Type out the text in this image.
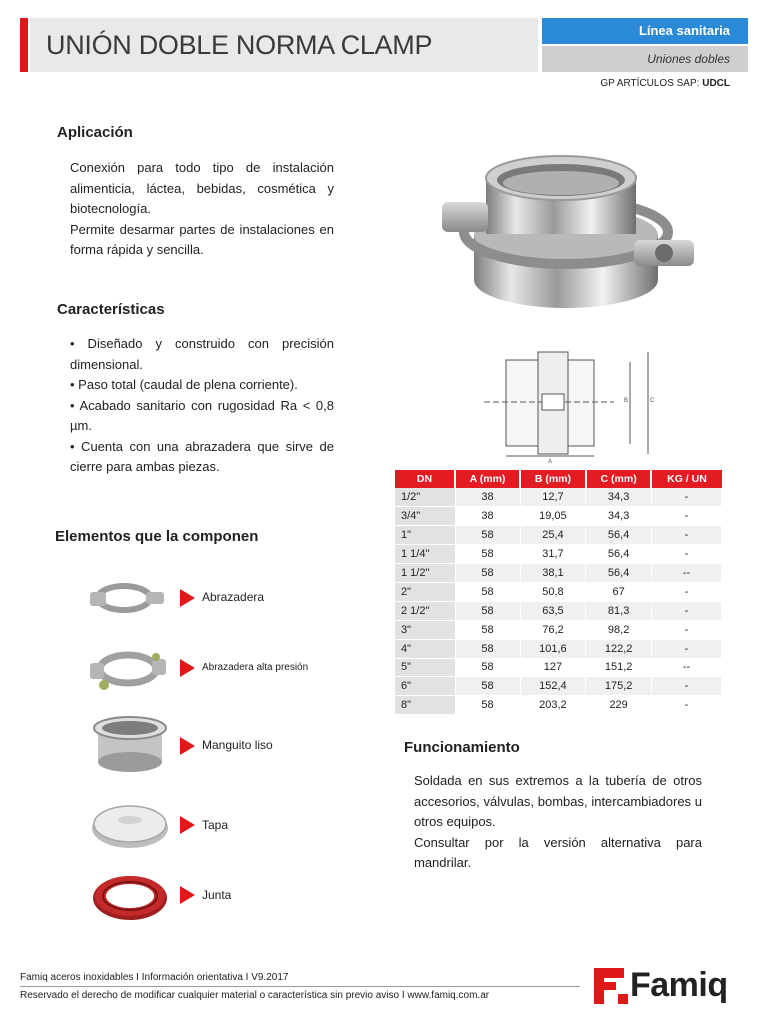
UNIÓN DOBLE NORMA CLAMP	Línea sanitaria
Uniones dobles
GP ARTÍCULOS SAP: UDCL
Aplicación
Conexión para todo tipo de instalación alimenticia, láctea, bebidas, cosmética y biotecnología.
Permite desarmar partes de instalaciones en forma rápida y sencilla.
Características
• Diseñado y construido con precisión dimensional.
• Paso total (caudal de plena corriente).
• Acabado sanitario con rugosidad Ra < 0,8 µm.
• Cuenta con una abrazadera que sirve de cierre para ambas piezas.	A
B	C
DN	A (mm)	B (mm)	C (mm)	KG / UN
1/2"	38	12,7	34,3	-
3/4"	38	19,05	34,3	-
1"	58	25,4	56,4	-
1 1/4"	58	31,7	56,4	-
1 1/2"	58	38,1	56,4	--
2"	58	50,8	67	-
2 1/2"	58	63,5	81,3	-
3"	58	76,2	98,2	-
4"	58	101,6	122,2	-
5"	58	127	151,2	--
6"	58	152,4	175,2	-
8"	58	203,2	229	-
Elementos que la componen
Abrazadera
Abrazadera alta presión
Manguito liso
Tapa
Junta
Funcionamiento
Soldada en sus extremos a la tubería de otros accesorios, válvulas, bombas, intercambiadores u otros equipos.
Consultar por la versión alternativa para mandrilar.
Famiq aceros inoxidables I Información orientativa I V9.2017
Reservado el derecho de modificar cualquier material o característica sin previo aviso I www.famiq.com.ar	Famiq
